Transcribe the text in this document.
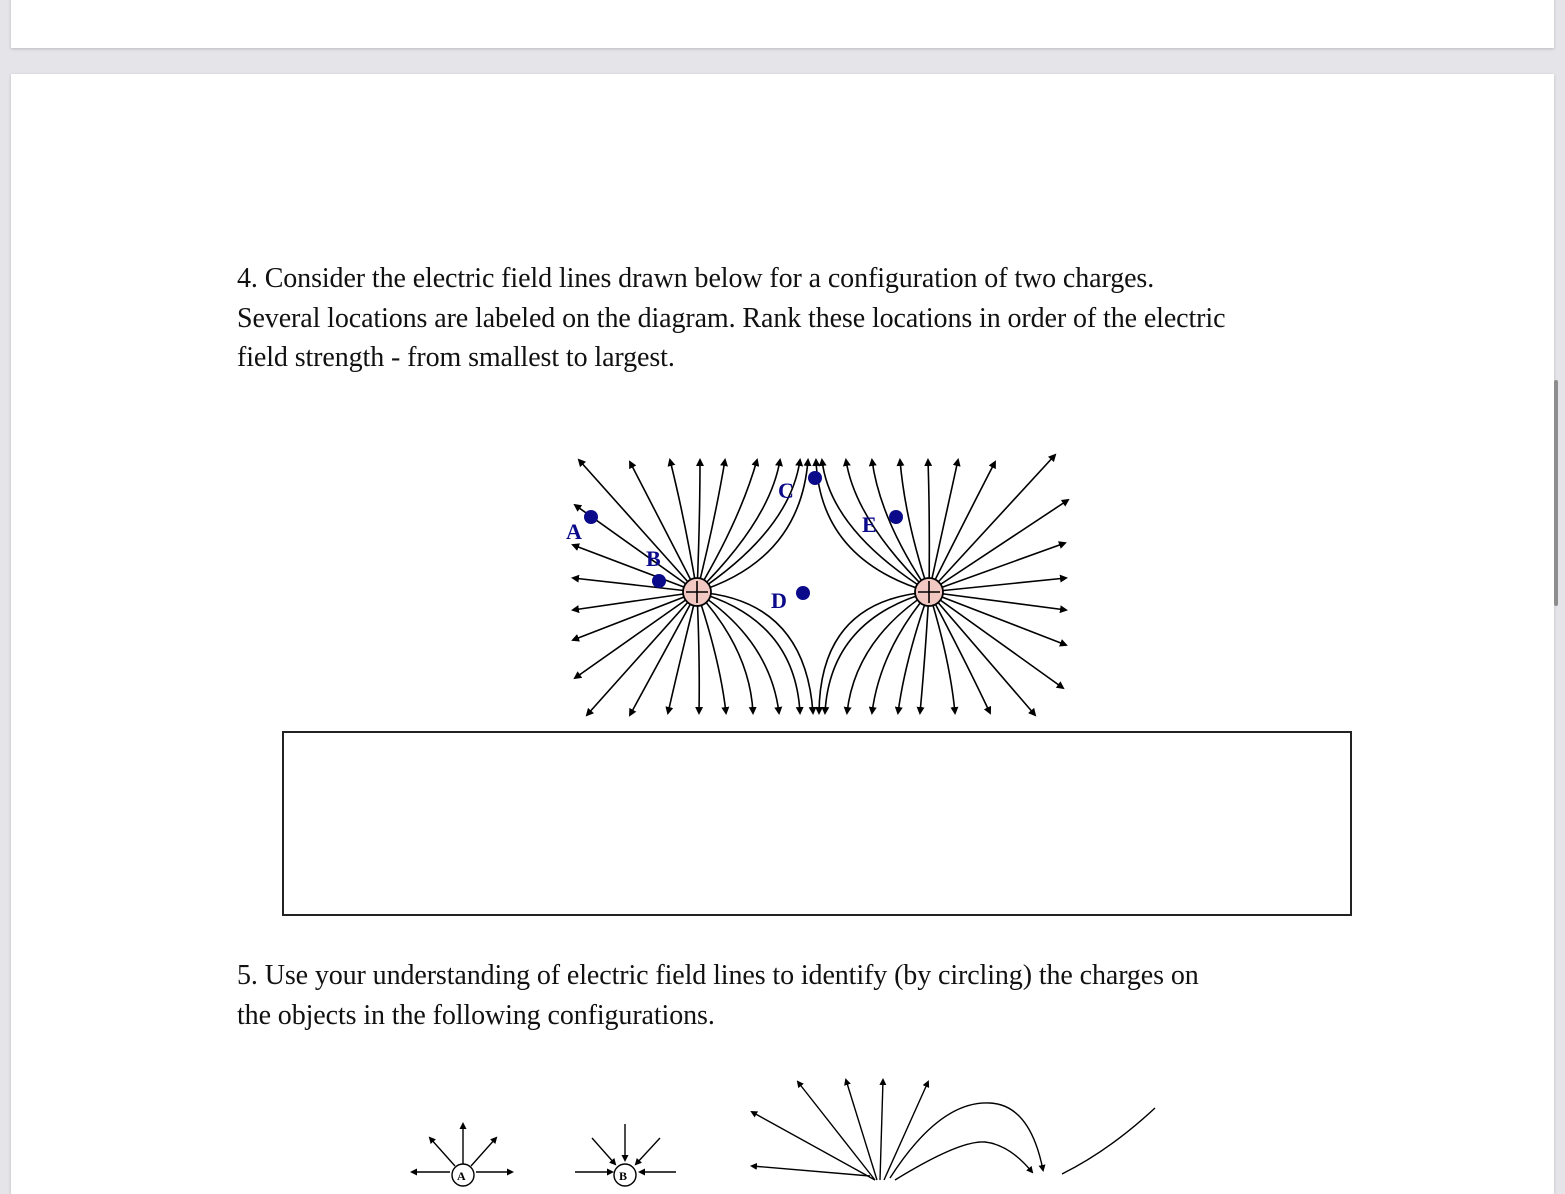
4. Consider the electric field lines drawn below for a configuration of two charges.
Several locations are labeled on the diagram. Rank these locations in order of the electric
field strength - from smallest to largest.
A
B
C
D
E
5. Use your understanding of electric field lines to identify (by circling) the charges on
the objects in the following configurations.
A	B
